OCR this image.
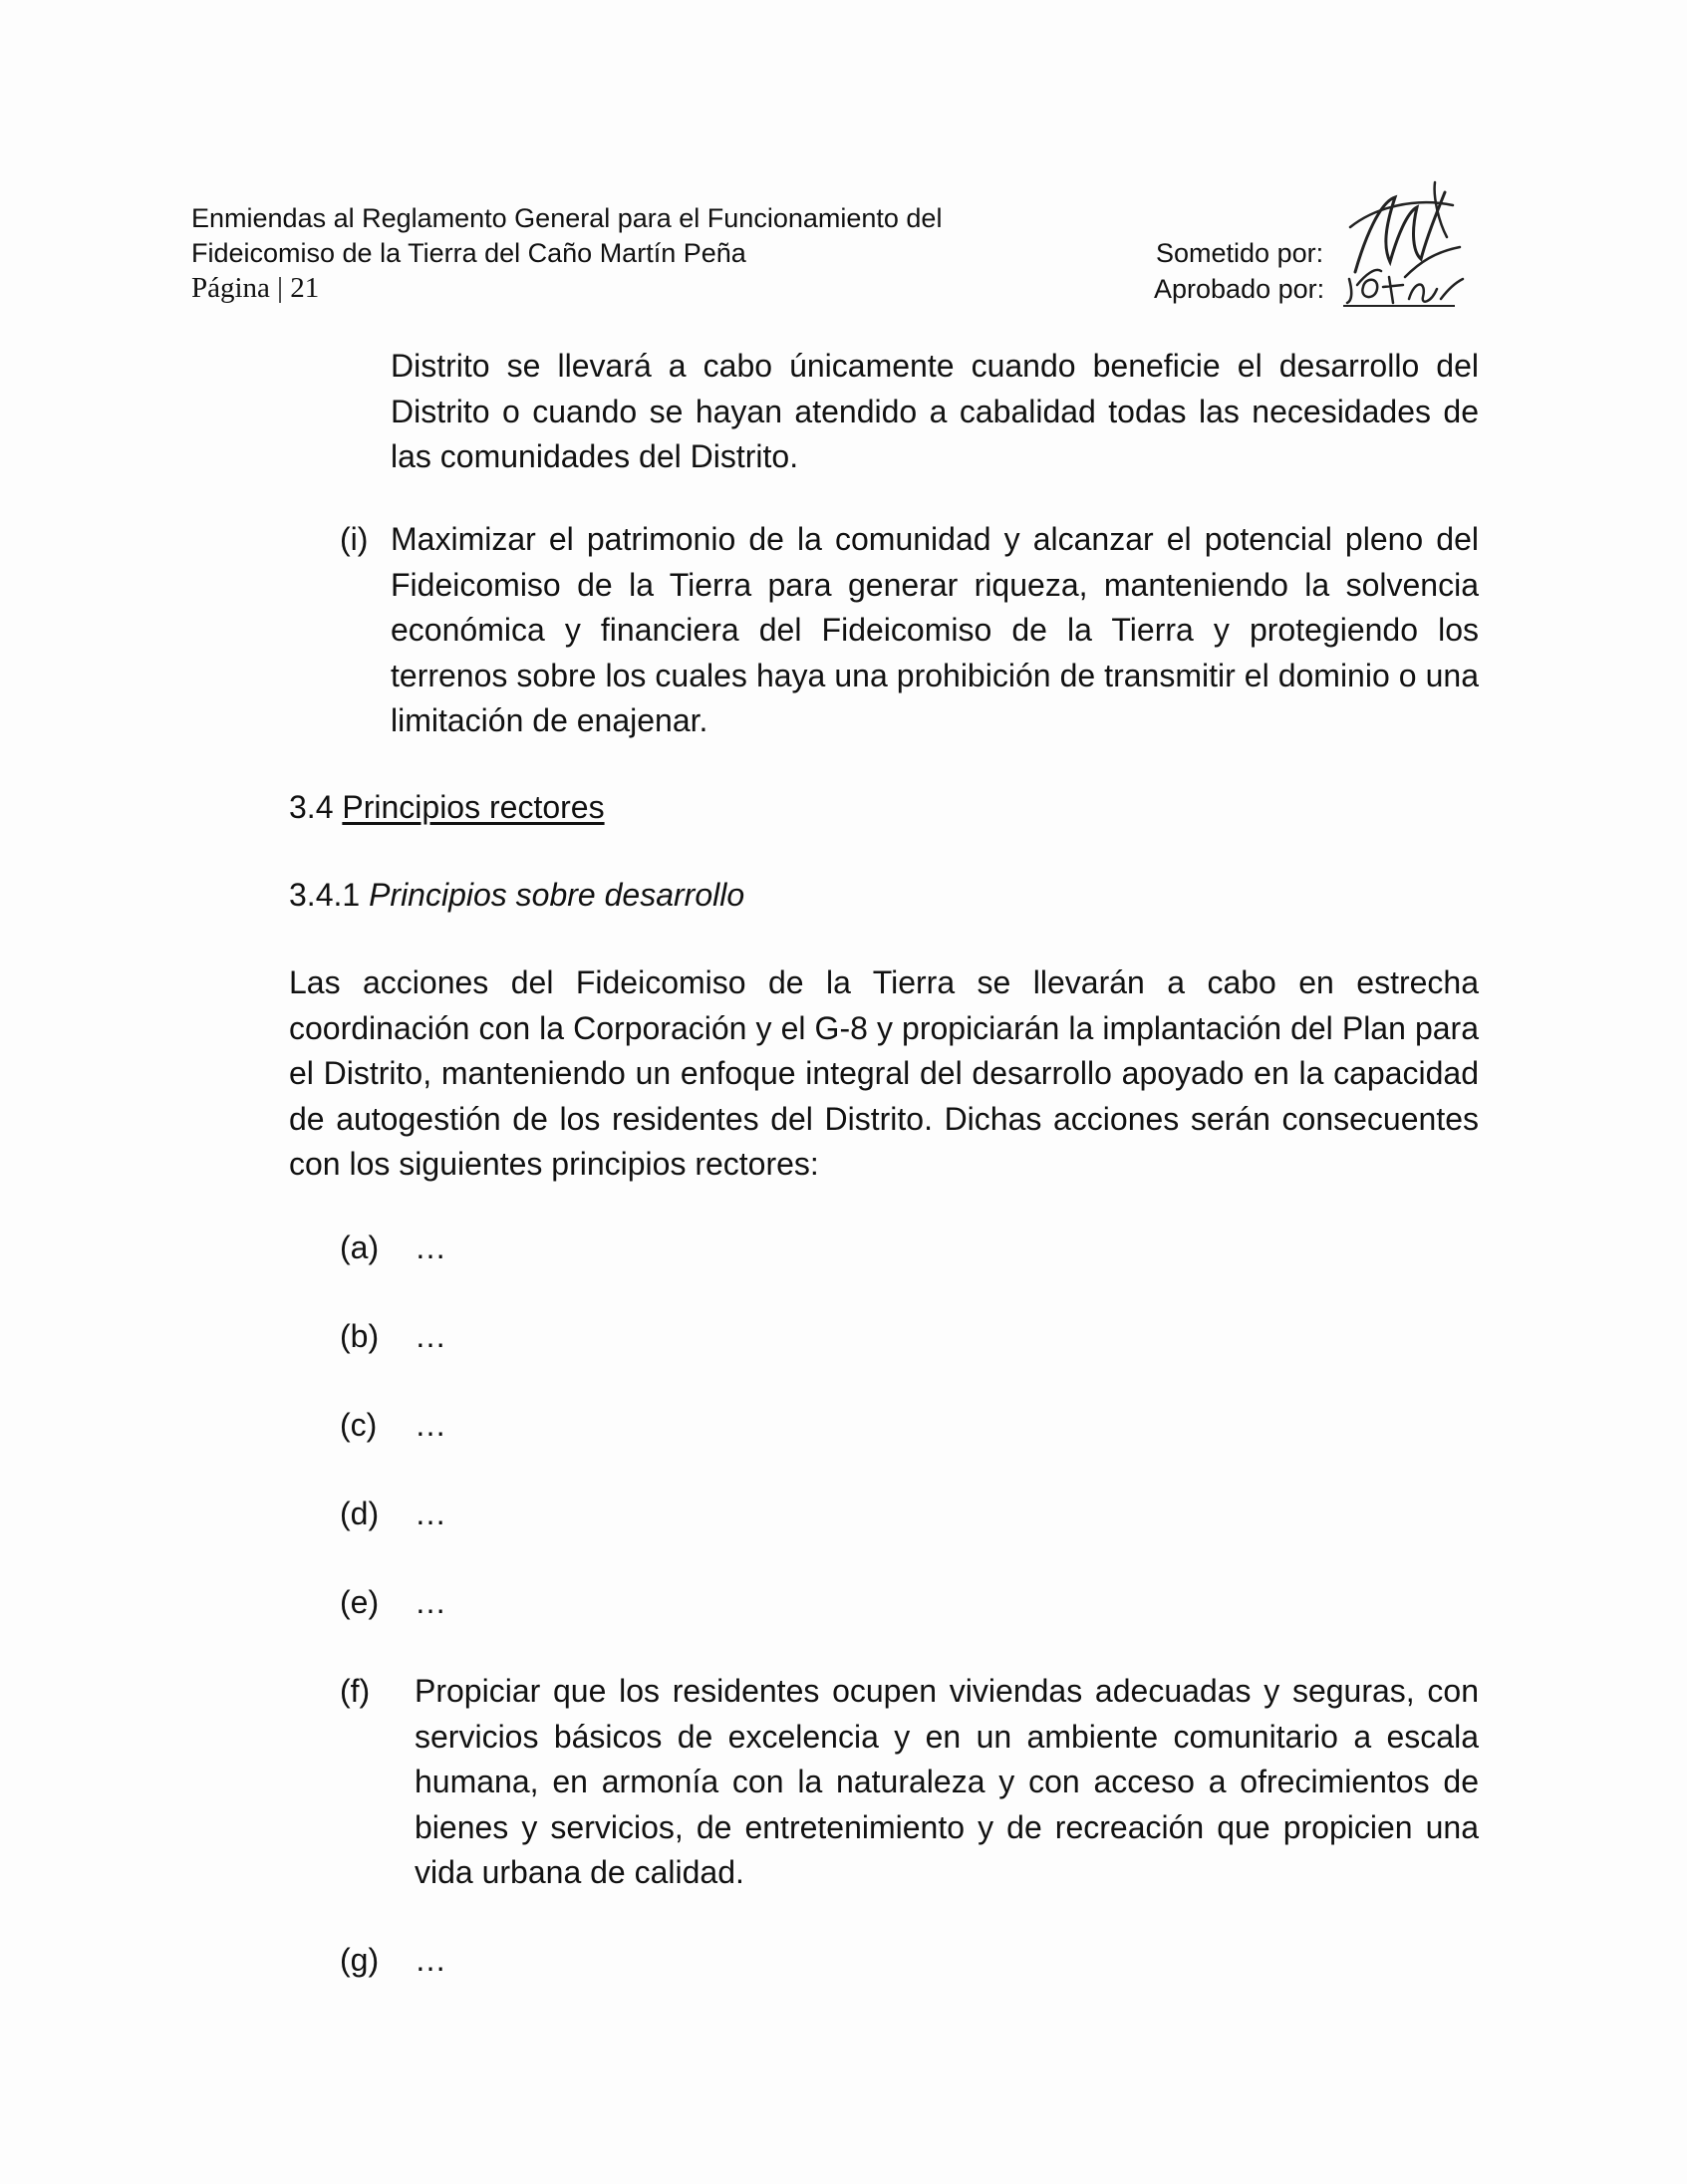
Enmiendas al Reglamento General para el Funcionamiento del
Fideicomiso de la Tierra del Caño Martín Peña
Página | 21
Sometido por:
Aprobado por:
Distrito se llevará a cabo únicamente cuando beneficie el desarrollo del Distrito o cuando se hayan atendido a cabalidad todas las necesidades de las comunidades del Distrito.
(i) Maximizar el patrimonio de la comunidad y alcanzar el potencial pleno del Fideicomiso de la Tierra para generar riqueza, manteniendo la solvencia económica y financiera del Fideicomiso de la Tierra y protegiendo los terrenos sobre los cuales haya una prohibición de transmitir el dominio o una limitación de enajenar.
3.4 Principios rectores
3.4.1 Principios sobre desarrollo
Las acciones del Fideicomiso de la Tierra se llevarán a cabo en estrecha coordinación con la Corporación y el G-8 y propiciarán la implantación del Plan para el Distrito, manteniendo un enfoque integral del desarrollo apoyado en la capacidad de autogestión de los residentes del Distrito. Dichas acciones serán consecuentes con los siguientes principios rectores:
(a) …
(b) …
(c) …
(d) …
(e) …
(f) Propiciar que los residentes ocupen viviendas adecuadas y seguras, con servicios básicos de excelencia y en un ambiente comunitario a escala humana, en armonía con la naturaleza y con acceso a ofrecimientos de bienes y servicios, de entretenimiento y de recreación que propicien una vida urbana de calidad.
(g) …
